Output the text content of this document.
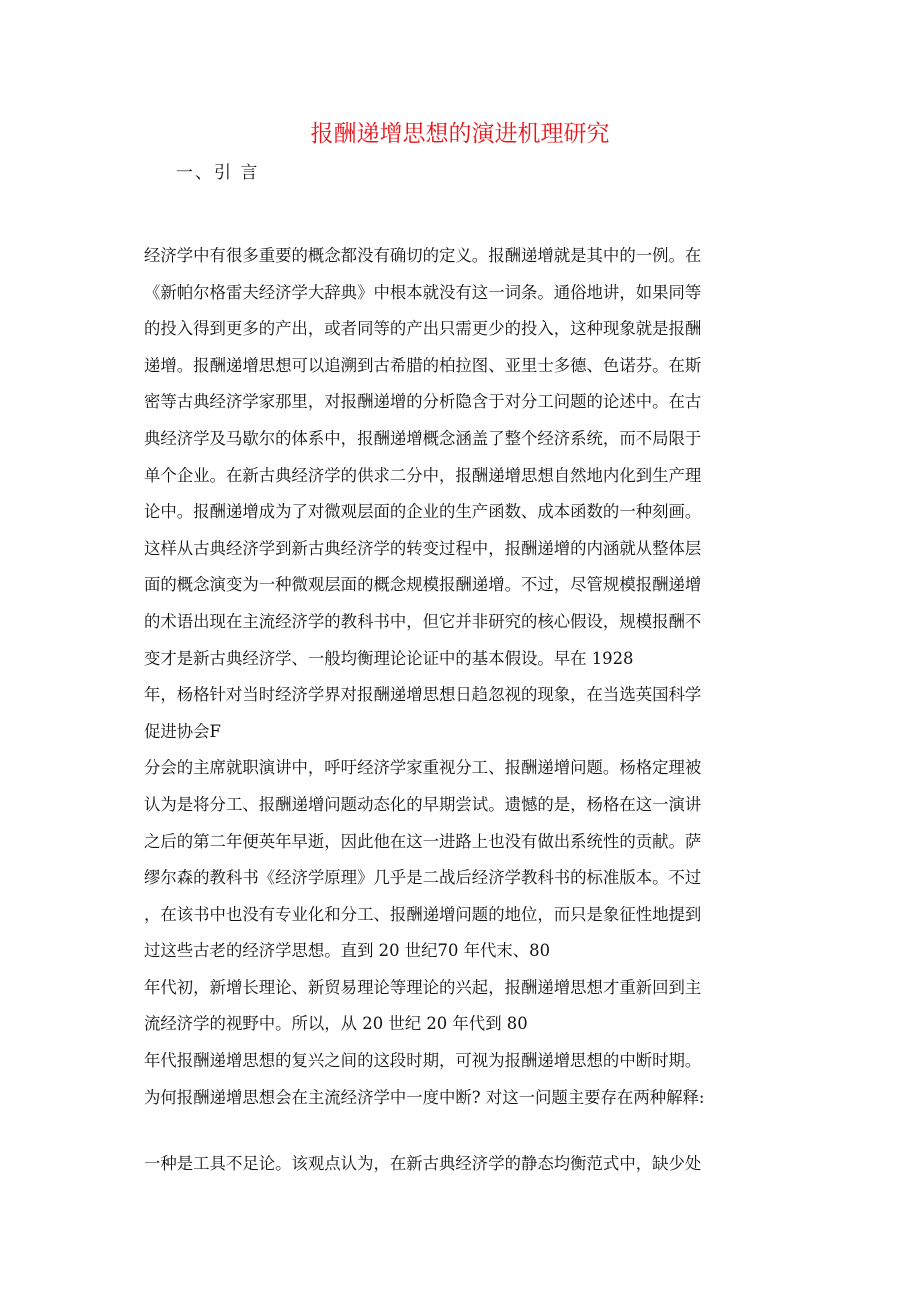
报酬递增思想的演进机理研究
一、引 言
经济学中有很多重要的概念都没有确切的定义。报酬递增就是其中的一例。在
《新帕尔格雷夫经济学大辞典》中根本就没有这一词条。通俗地讲，如果同等
的投入得到更多的产出，或者同等的产出只需更少的投入，这种现象就是报酬
递增。报酬递增思想可以追溯到古希腊的柏拉图、亚里士多德、色诺芬。在斯
密等古典经济学家那里，对报酬递增的分析隐含于对分工问题的论述中。在古
典经济学及马歇尔的体系中，报酬递增概念涵盖了整个经济系统，而不局限于
单个企业。在新古典经济学的供求二分中，报酬递增思想自然地内化到生产理
论中。报酬递增成为了对微观层面的企业的生产函数、成本函数的一种刻画。
这样从古典经济学到新古典经济学的转变过程中，报酬递增的内涵就从整体层
面的概念演变为一种微观层面的概念规模报酬递增。不过，尽管规模报酬递增
的术语出现在主流经济学的教科书中，但它并非研究的核心假设，规模报酬不
变才是新古典经济学、一般均衡理论论证中的基本假设。早在 1928
年，杨格针对当时经济学界对报酬递增思想日趋忽视的现象，在当选英国科学
促进协会F
分会的主席就职演讲中，呼吁经济学家重视分工、报酬递增问题。杨格定理被
认为是将分工、报酬递增问题动态化的早期尝试。遗憾的是，杨格在这一演讲
之后的第二年便英年早逝，因此他在这一进路上也没有做出系统性的贡献。萨
缪尔森的教科书《经济学原理》几乎是二战后经济学教科书的标准版本。不过
，在该书中也没有专业化和分工、报酬递增问题的地位，而只是象征性地提到
过这些古老的经济学思想。直到 20 世纪70 年代末、80
年代初，新增长理论、新贸易理论等理论的兴起，报酬递增思想才重新回到主
流经济学的视野中。所以，从 20 世纪 20 年代到 80
年代报酬递增思想的复兴之间的这段时期，可视为报酬递增思想的中断时期。
为何报酬递增思想会在主流经济学中一度中断? 对这一问题主要存在两种解释:
一种是工具不足论。该观点认为，在新古典经济学的静态均衡范式中，缺少处
